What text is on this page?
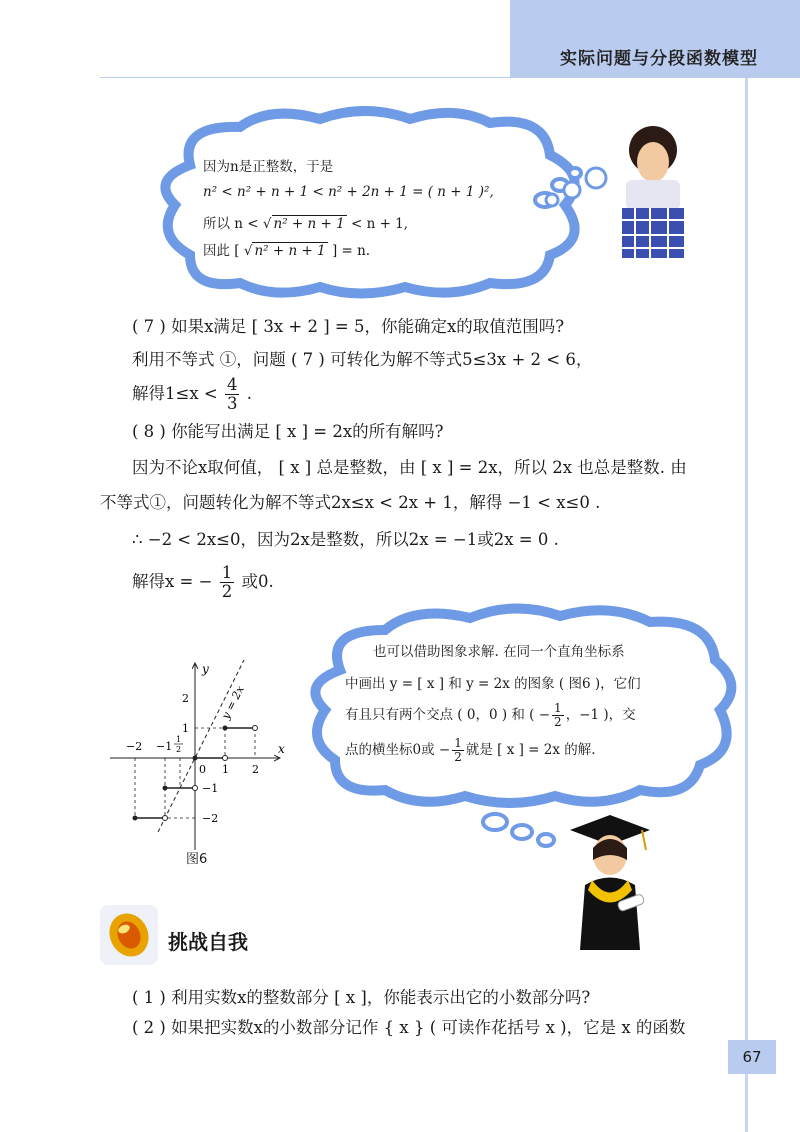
实际问题与分段函数模型
因为n是正整数，于是
n² < n² + n + 1 < n² + 2n + 1 = ( n + 1 )²,
所以 n < √ n² + n + 1 < n + 1,
因此 [ √ n² + n + 1 ] = n.
( 7 ) 如果x满足 [ 3x + 2 ] = 5，你能确定x的取值范围吗?
利用不等式 ①，问题 ( 7 ) 可转化为解不等式5≤3x + 2 < 6，
解得$1\le x < \frac{4}{3}$ .
( 8 ) 你能写出满足 [ x ] = 2x的所有解吗?
因为不论x取何值， [ x ] 总是整数，由 [ x ] = 2x，所以 2x 也总是整数. 由
不等式①，问题转化为解不等式2x≤x < 2x + 1，解得 −1 < x≤0 .
∴ −2 < 2x≤0，因为2x是整数，所以2x = −1或2x = 0 .
解得x = − $\frac{1}{2}$ 或0.
也可以借助图象求解. 在同一个直角坐标系
中画出 y = [ x ] 和 y = 2x 的图象 ( 图6 )，它们
有且只有两个交点 ( 0，0 ) 和 ( − $\frac{1}{2}$ ，−1 )，交
点的横坐标0或 − $\frac{1}{2}$ 就是 [ x ] = 2x 的解.
y
x
y = 2x
−2 −1
0 1 2
2
1
−1
−2
1
2
图6
挑战自我
( 1 ) 利用实数x的整数部分 [ x ]，你能表示出它的小数部分吗?
( 2 ) 如果把实数x的小数部分记作 { x } ( 可读作花括号 x )，它是 x 的函数
67
